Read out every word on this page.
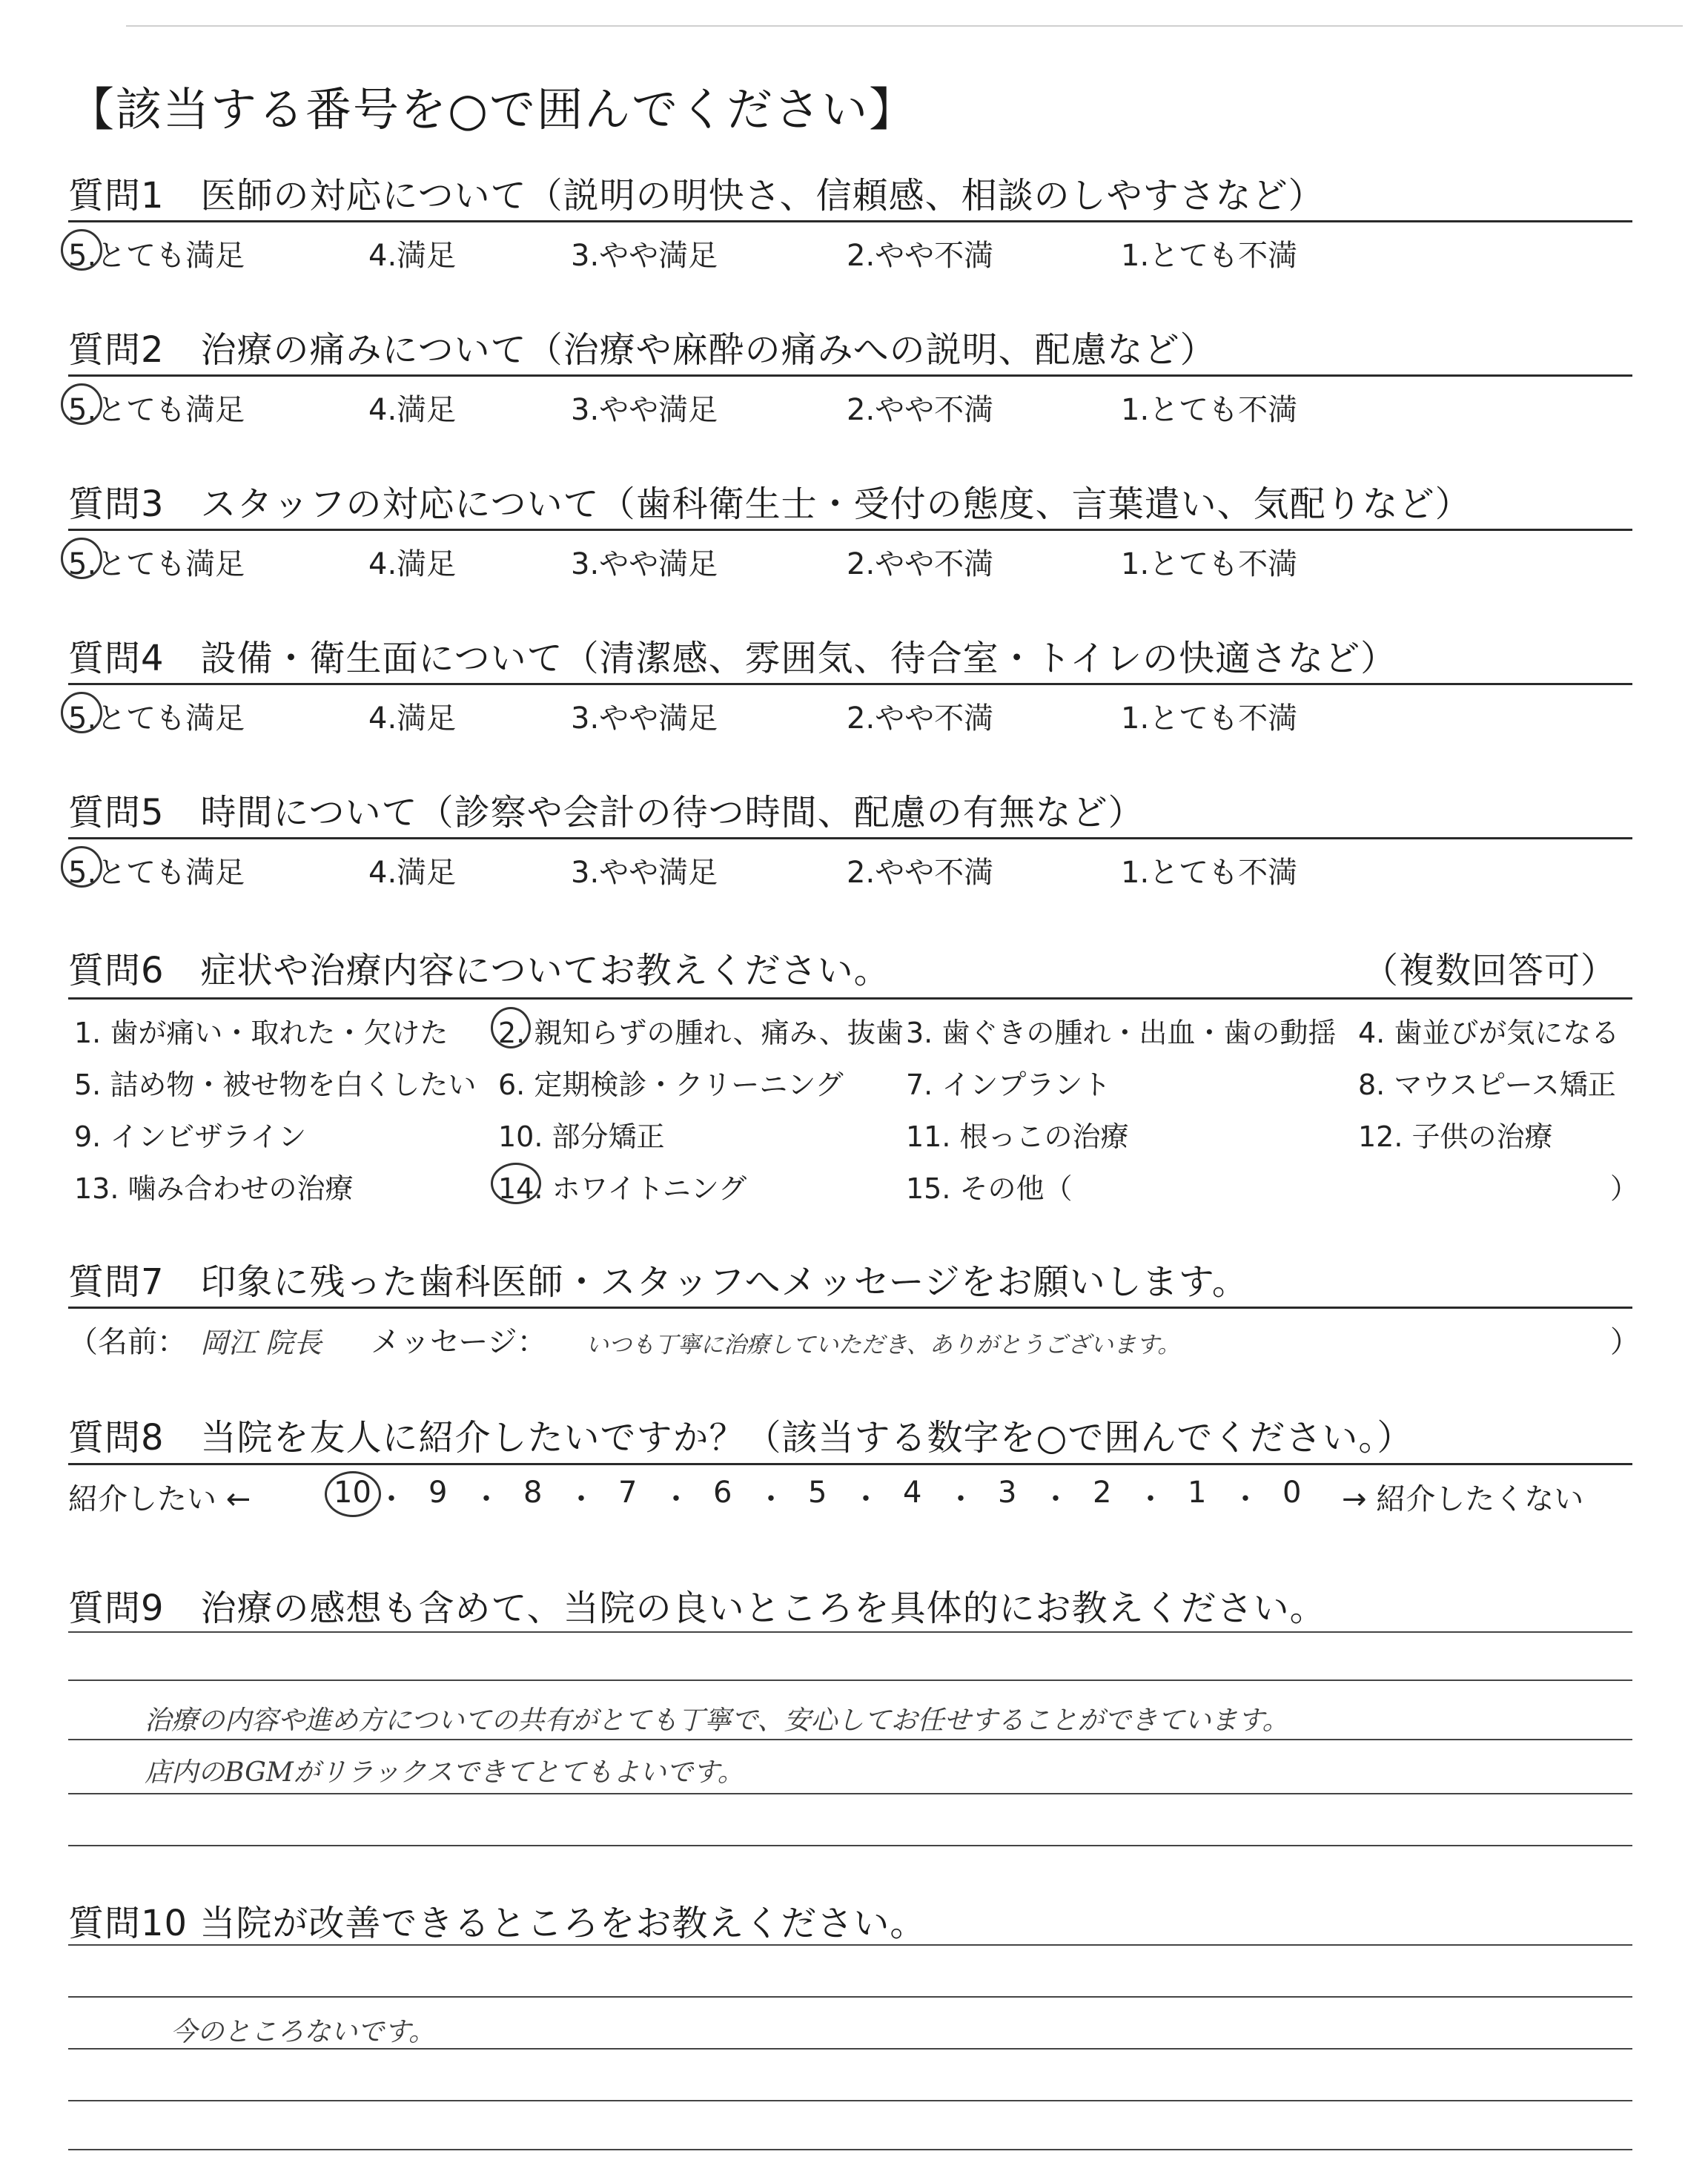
【該当する番号を○で囲んでください】
質問1　医師の対応について（説明の明快さ、信頼感、相談のしやすさなど）
5.とても満足	4.満足	3.やや満足	2.やや不満	1.とても不満
質問2　治療の痛みについて（治療や麻酔の痛みへの説明、配慮など）
5.とても満足	4.満足	3.やや満足	2.やや不満	1.とても不満
質問3　スタッフの対応について（歯科衛生士・受付の態度、言葉遣い、気配りなど）
5.とても満足	4.満足	3.やや満足	2.やや不満	1.とても不満
質問4　設備・衛生面について（清潔感、雰囲気、待合室・トイレの快適さなど）
5.とても満足	4.満足	3.やや満足	2.やや不満	1.とても不満
質問5　時間について（診察や会計の待つ時間、配慮の有無など）
5.とても満足	4.満足	3.やや満足	2.やや不満	1.とても不満
質問6　症状や治療内容についてお教えください。	（複数回答可）
1. 歯が痛い・取れた・欠けた 2. 親知らずの腫れ、痛み、抜歯 3. 歯ぐきの腫れ・出血・歯の動揺 4. 歯並びが気になる
5. 詰め物・被せ物を白くしたい 6. 定期検診・クリーニング 7. インプラント	8. マウスピース矯正
9. インビザライン	10. 部分矯正	11. 根っこの治療	12. 子供の治療
13. 噛み合わせの治療	14. ホワイトニング	15. その他（	）
質問7　印象に残った歯科医師・スタッフへメッセージをお願いします。
（名前： 岡江 院長 メッセージ： いつも丁寧に治療していただき、ありがとうございます。	）
質問8　当院を友人に紹介したいですか？（該当する数字を○で囲んでください。）
紹介したい ←	10 ・ 9 ・ 8 ・ 7 ・ 6 ・ 5 ・ 4 ・ 3 ・ 2 ・ 1 ・ 0 → 紹介したくない
質問9　治療の感想も含めて、当院の良いところを具体的にお教えください。
治療の内容や進め方についての共有がとても丁寧で、安心してお任せすることができています。
店内のBGMがリラックスできてとてもよいです。
質問10 当院が改善できるところをお教えください。
今のところないです。
